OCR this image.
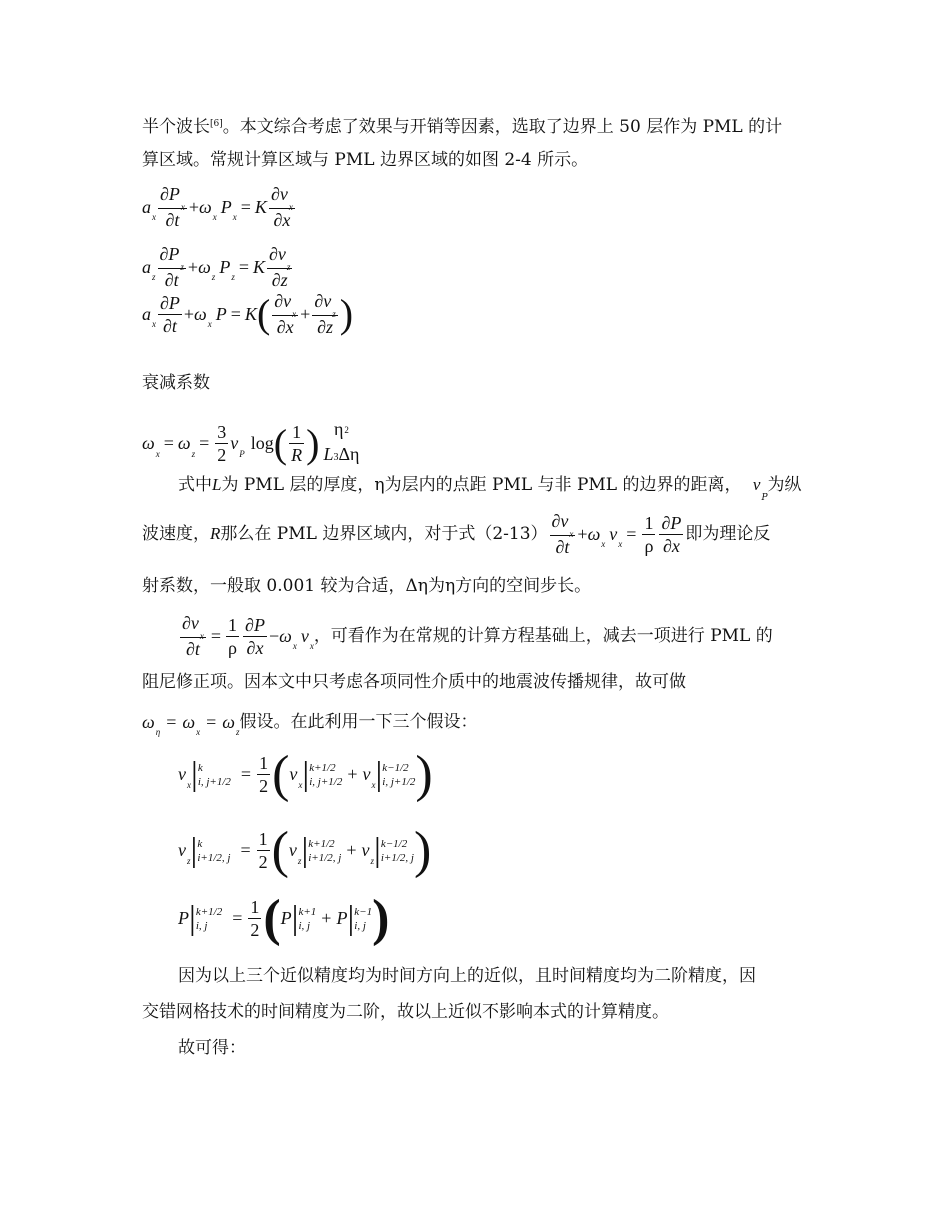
半个波长[6]。本文综合考虑了效果与开销等因素，选取了边界上 50 层作为 PML 的计
算区域。常规计算区域与 PML 边界区域的如图 2-4 所示。
a
x $\frac{\partial P_x}{\partial t} + \omega$
x
P
x
= K $\frac{\partial v_x}{\partial x}$
a
z $\frac{\partial P_z}{\partial t} + \omega$
z
P
z
= K $\frac{\partial v_z}{\partial z}$
a
x $\frac{\partial P}{\partial t} + \omega$
x
P = K ( $\frac{\partial v_x}{\partial x} + \frac{\partial v_z}{\partial z}$ )
衰减系数
ω
x
= ω
z
= $\frac{3}{2}$ v
P
log ( $\frac{1}{R}$ ) η2
L3Δη
式中L为 PML 层的厚度，η为层内的点距 PML 与非 PML 的边界的距离， $v_P$为纵
波速度， R 那么在 PML 边界区域内，对于式$(2-13) \frac{\partial v_x}{\partial t} + \omega$ x v $x = \frac{1}{\rho} \frac{\partial P}{\partial x}$ 即为理论反
射系数，一般取 0.001 较为合适，Δη为η方向的空间步长。
$\frac{\partial v_x}{\partial t} = \frac{1}{\rho} \frac{\partial P}{\partial x} - \omega$ x v x ，可看作为在常规的计算方程基础上，减去一项进行 PML 的
阻尼修正项。因本文中只考虑各项同性介质中的地震波传播规律，故可做
ω η = ω x = ω z 假设。在此利用一下三个假设：
v
x | k
i, $j+1/2 = \frac{1}{2}$ ( v
x | k+1/2
i, j+1/2 + v
x | k−1/2
i, j+1/2 )
v
z | k
i+1/2, $j = \frac{1}{2}$ ( v
z | k+1/2
i+1/2, j + v
z | k−1/2
i+1/2, j )
P | k+1/2
i, j	= $\frac{1}{2}$ ( P | k+1
i, j + P | k−1
i, j )
因为以上三个近似精度均为时间方向上的近似，且时间精度均为二阶精度，因
交错网格技术的时间精度为二阶，故以上近似不影响本式的计算精度。
故可得：
